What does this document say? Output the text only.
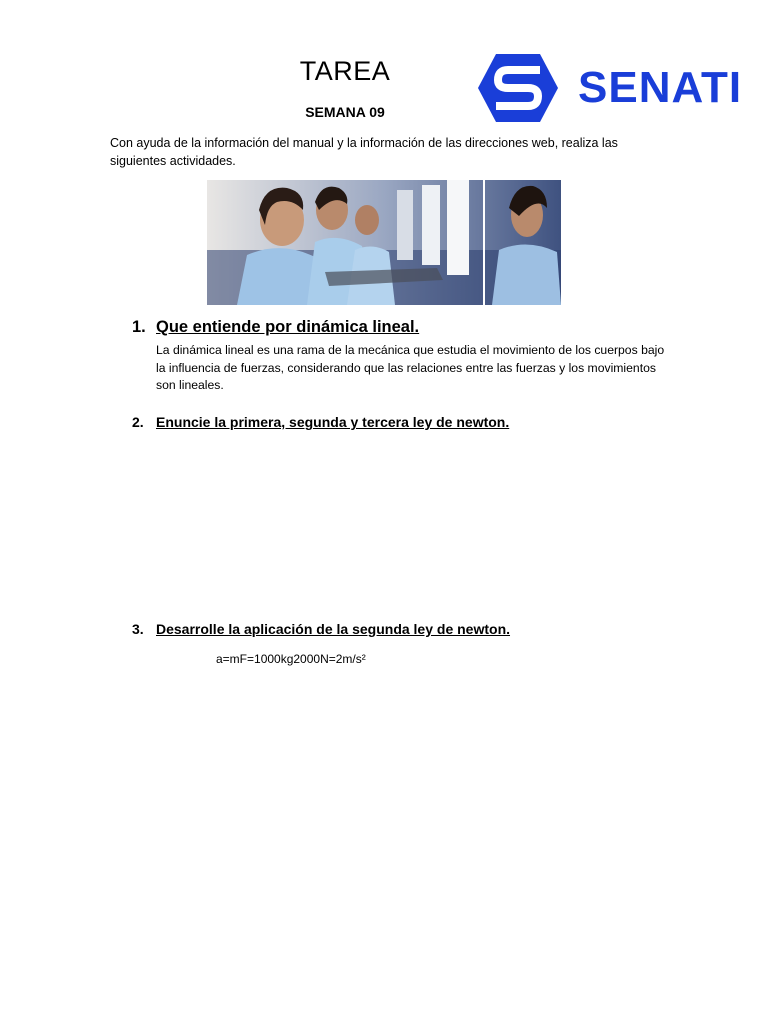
TAREA
SEMANA 09	SENATI

Con ayuda de la información del manual y la información de las direcciones web, realiza las siguientes actividades.

1. Que entiende por dinámica lineal.

La dinámica lineal es una rama de la mecánica que estudia el movimiento de los cuerpos bajo la influencia de fuerzas, considerando que las relaciones entre las fuerzas y los movimientos son lineales.

2. Enuncie la primera, segunda y tercera ley de newton.

3. Desarrolle la aplicación de la segunda ley de newton.

a=mF=1000kg2000N=2m/s²
